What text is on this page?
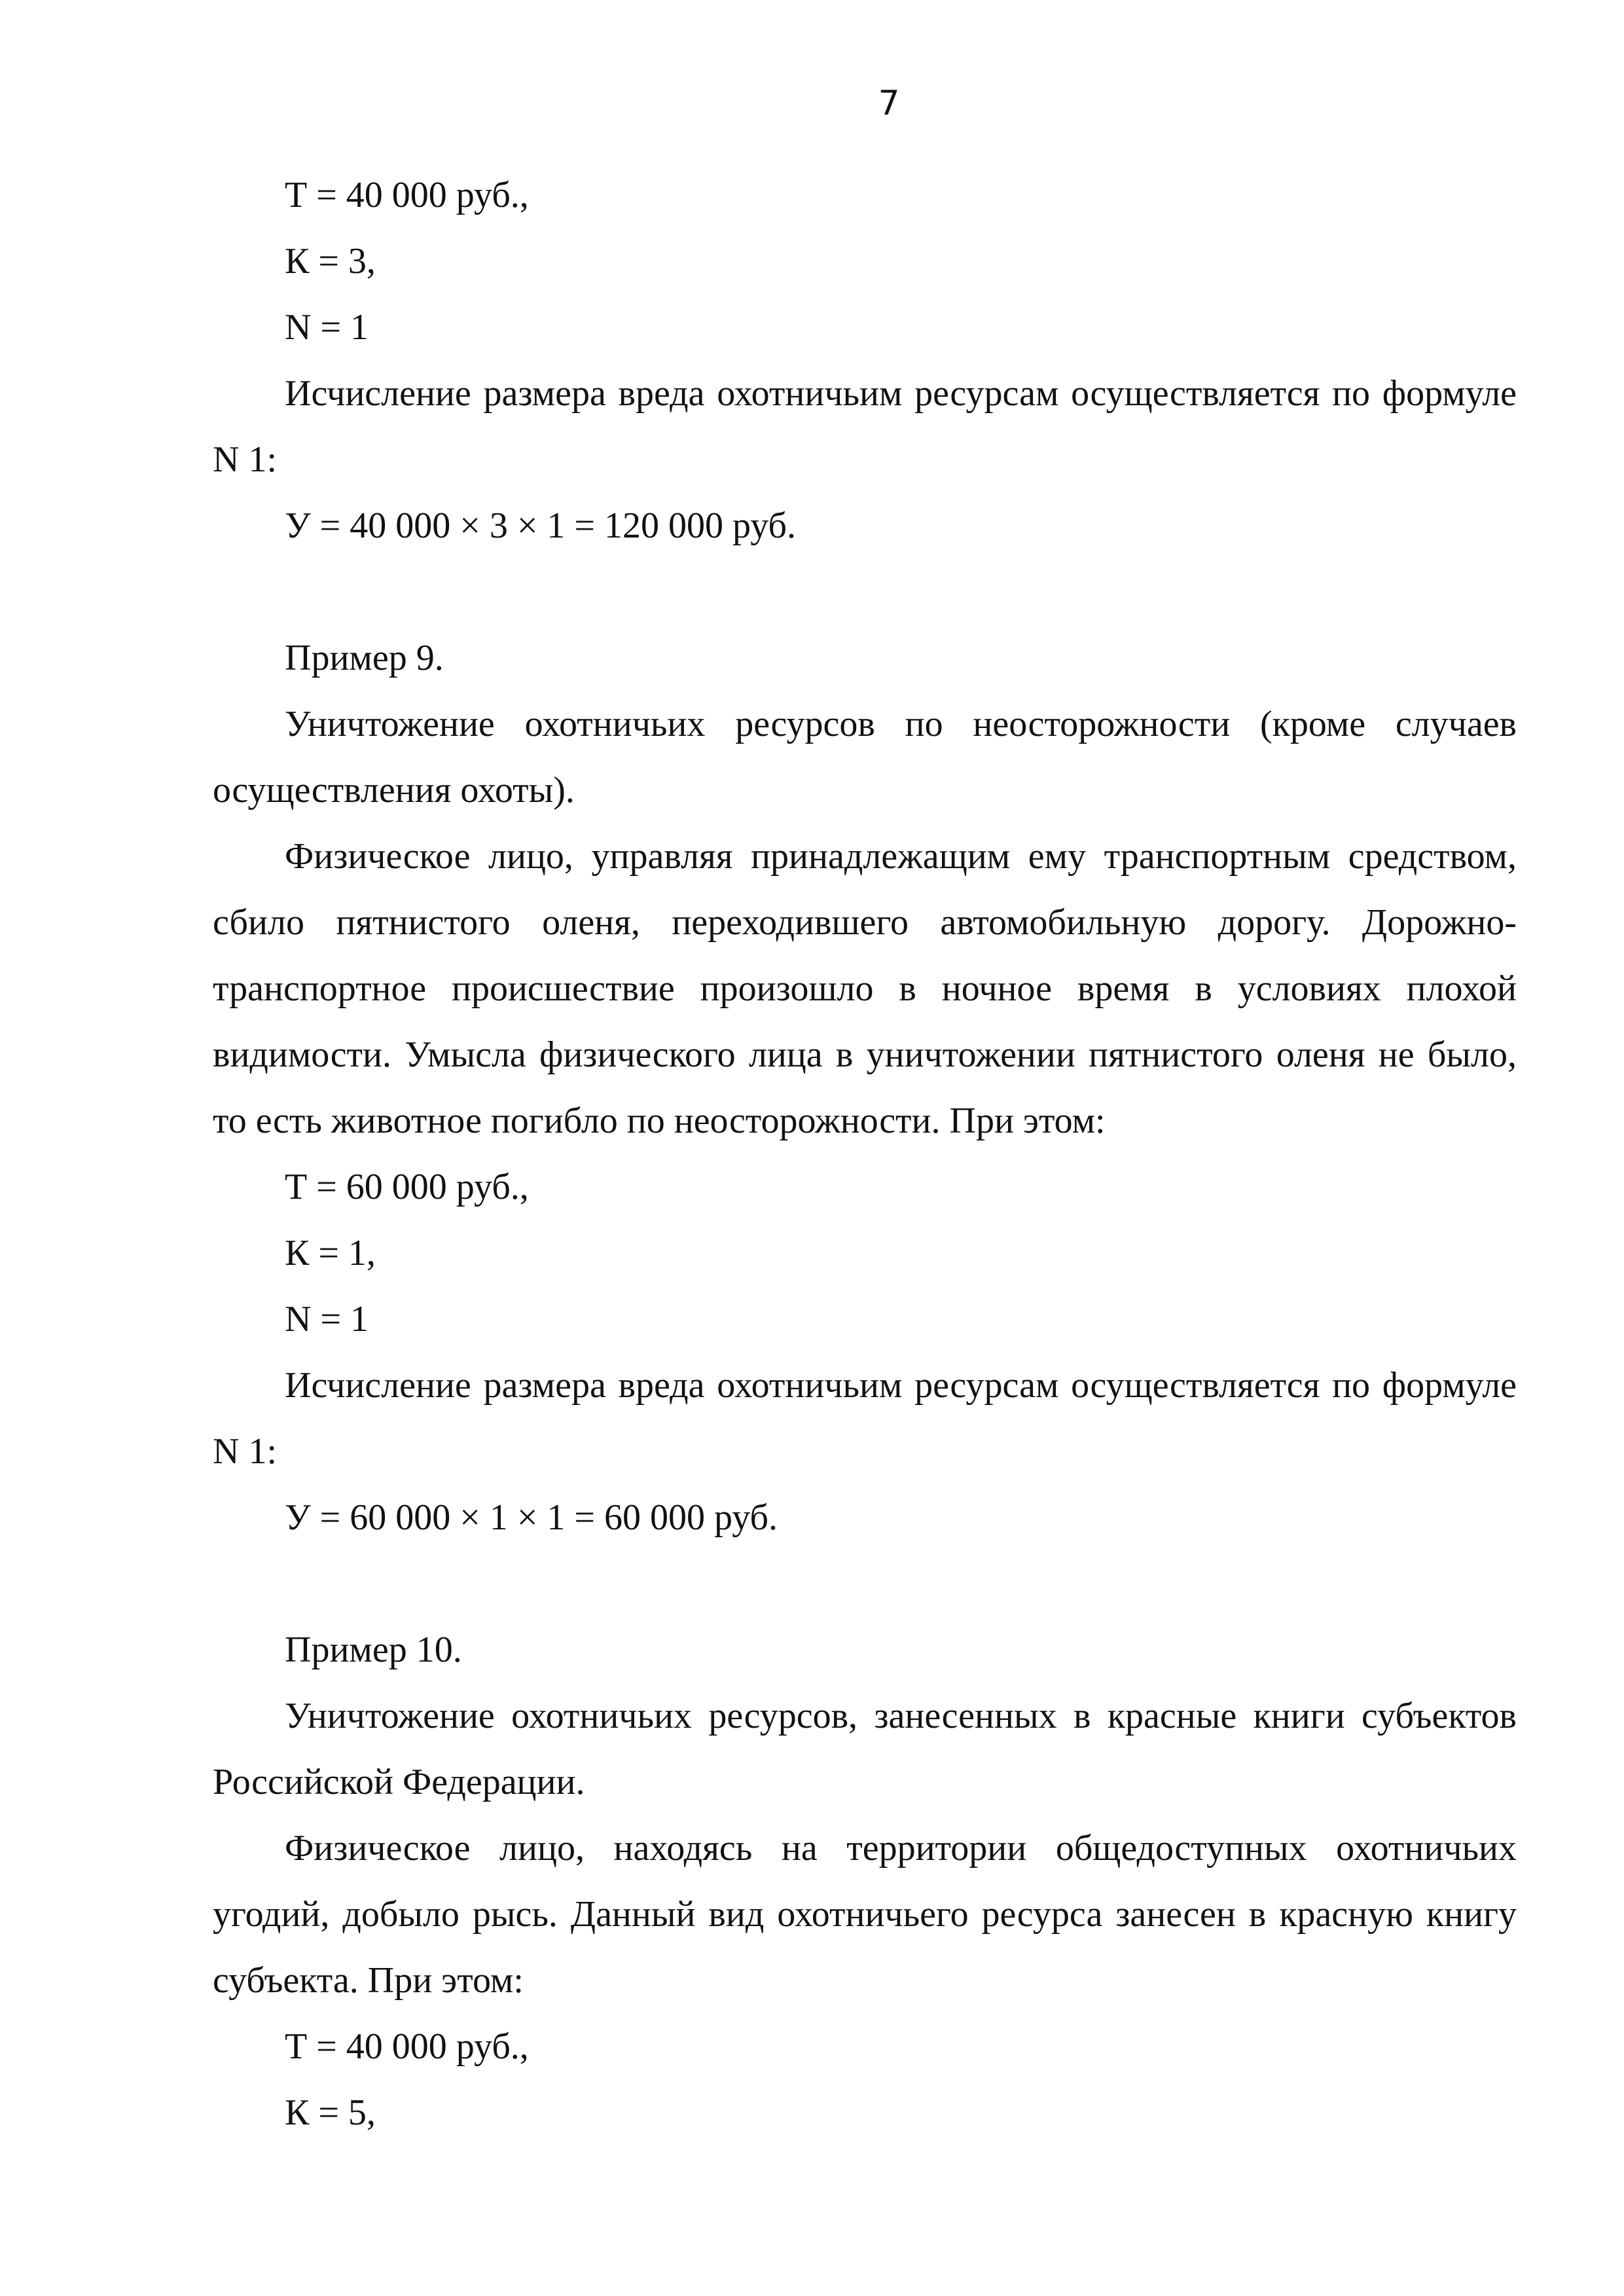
7

Т = 40 000 руб.,

К = 3,

N = 1

Исчисление размера вреда охотничьим ресурсам осуществляется по формуле N 1:

У = 40 000 × 3 × 1 = 120 000 руб.

Пример 9.

Уничтожение охотничьих ресурсов по неосторожности (кроме случаев осуществления охоты).

Физическое лицо, управляя принадлежащим ему транспортным средством, сбило пятнистого оленя, переходившего автомобильную дорогу. Дорожно-транспортное происшествие произошло в ночное время в условиях плохой видимости. Умысла физического лица в уничтожении пятнистого оленя не было, то есть животное погибло по неосторожности. При этом:

Т = 60 000 руб.,

К = 1,

N = 1

Исчисление размера вреда охотничьим ресурсам осуществляется по формуле N 1:

У = 60 000 × 1 × 1 = 60 000 руб.

Пример 10.

Уничтожение охотничьих ресурсов, занесенных в красные книги субъектов Российской Федерации.

Физическое лицо, находясь на территории общедоступных охотничьих угодий, добыло рысь. Данный вид охотничьего ресурса занесен в красную книгу субъекта. При этом:

Т = 40 000 руб.,

К = 5,
